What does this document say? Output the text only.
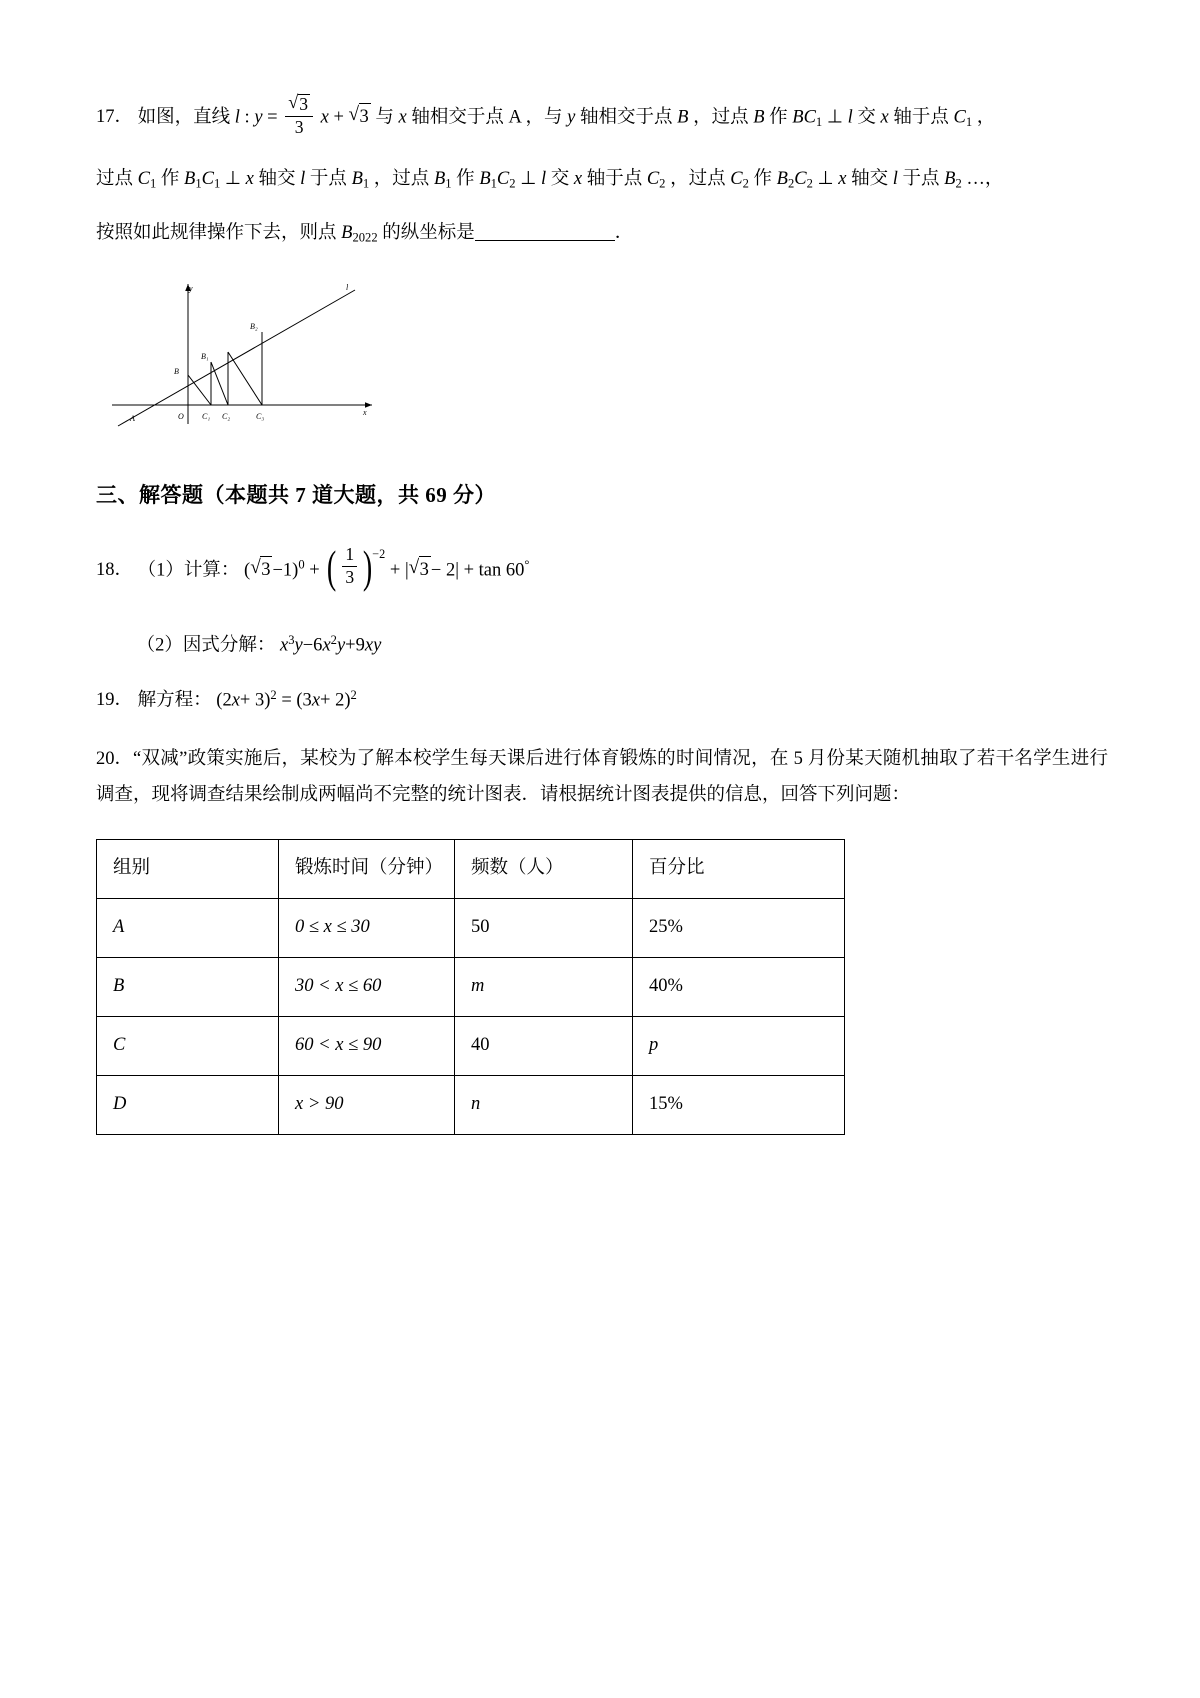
17． 如图，直线 l : y = √ $\frac{3}{3}$ x + √ 3 与 x 轴相交于点 A ，与 y 轴相交于点 B ，过点 B 作 BC1 ⊥ l 交 x 轴于点 C1 ，
过点 C1 作 B1C1 ⊥ x 轴交 l 于点 B1 ，过点 B1 作 B1C2 ⊥ l 交 x 轴于点 C2 ，过点 C2 作 B2C2 ⊥ x 轴交 l 于点 B2 …，
按照如此规律操作下去，则点 B2022 的纵坐标是	．
y
x
l
A	O
B
B₁
B₂
C₁ C₂	C₃
三、解答题（本题共 7 道大题，共 69 分）
18． （1）计算： ( √ 3 −1)$^0$ + ( $\frac{1}{3} )^{-2}$ + | √ 3 − 2| + tan 60°
（2）因式分解： $x^3y-6x^2y+9xy$
19． 解方程： $(2x+ 3)^2 = (3x+ 2)^2$
20．“双减”政策实施后，某校为了解本校学生每天课后进行体育锻炼的时间情况，在 5 月份某天随机抽取了若干名学生进行调查，现将调查结果绘制成两幅尚不完整的统计图表．请根据统计图表提供的信息，回答下列问题：
组别	锻炼时间（分钟）	频数（人）	百分比
A	0 ≤ x ≤ 30	50	25%
B	30 < x ≤ 60	m	40%
C	60 < x ≤ 90	40	p
D	x > 90	n	15%
